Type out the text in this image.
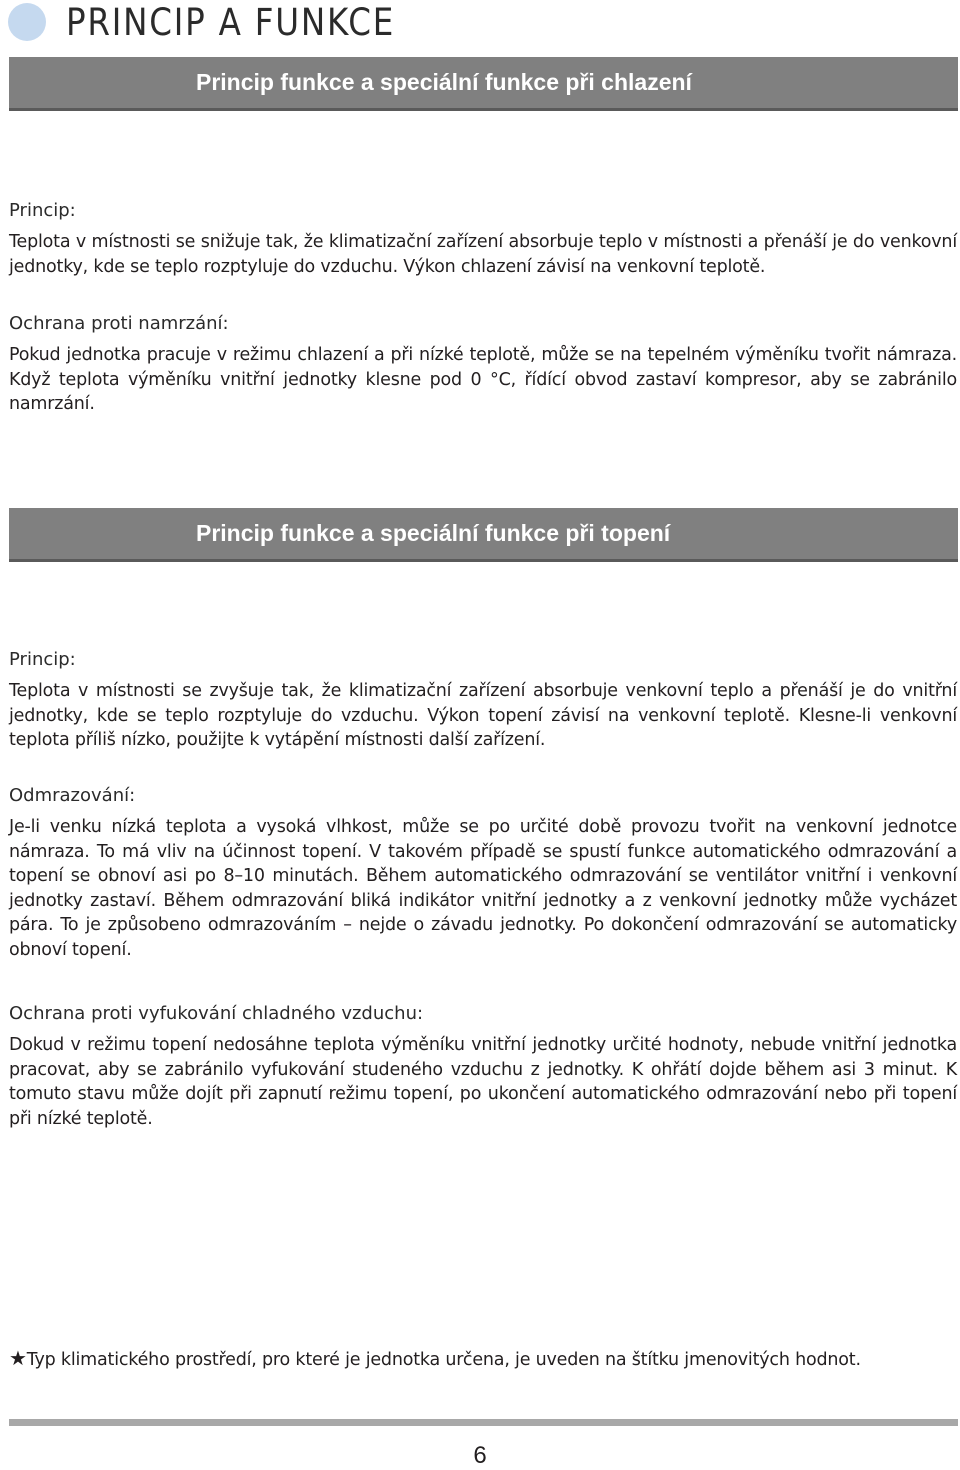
PRINCIP A FUNKCE
Princip funkce a speciální funkce při chlazení
Princip:
Teplota v místnosti se snižuje tak, že klimatizační zařízení absorbuje teplo v místnosti a přenáší je do venkovní jednotky, kde se teplo rozptyluje do vzduchu. Výkon chlazení závisí na venkovní teplotě.
Ochrana proti namrzání:
Pokud jednotka pracuje v režimu chlazení a při nízké teplotě, může se na tepelném výměníku tvořit námraza. Když teplota výměníku vnitřní jednotky klesne pod 0 °C, řídící obvod zastaví kompresor, aby se zabránilo namrzání.
Princip funkce a speciální funkce při topení
Princip:
Teplota v místnosti se zvyšuje tak, že klimatizační zařízení absorbuje venkovní teplo a přenáší je do vnitřní jednotky, kde se teplo rozptyluje do vzduchu. Výkon topení závisí na venkovní teplotě. Klesne-li venkovní teplota příliš nízko, použijte k vytápění místnosti další zařízení.
Odmrazování:
Je-li venku nízká teplota a vysoká vlhkost, může se po určité době provozu tvořit na venkovní jednotce námraza. To má vliv na účinnost topení. V takovém případě se spustí funkce automatického odmrazování a topení se obnoví asi po 8–10 minutách. Během automatického odmrazování se ventilátor vnitřní i venkovní jednotky zastaví. Během odmrazování bliká indikátor vnitřní jednotky a z venkovní jednotky může vycházet pára. To je způsobeno odmrazováním – nejde o závadu jednotky. Po dokončení odmrazování se automaticky obnoví topení.
Ochrana proti vyfukování chladného vzduchu:
Dokud v režimu topení nedosáhne teplota výměníku vnitřní jednotky určité hodnoty, nebude vnitřní jednotka pracovat, aby se zabránilo vyfukování studeného vzduchu z jednotky. K ohřátí dojde během asi 3 minut. K tomuto stavu může dojít při zapnutí režimu topení, po ukončení automatického odmrazování nebo při topení při nízké teplotě.
★Typ klimatického prostředí, pro které je jednotka určena, je uveden na štítku jmenovitých hodnot.
6
